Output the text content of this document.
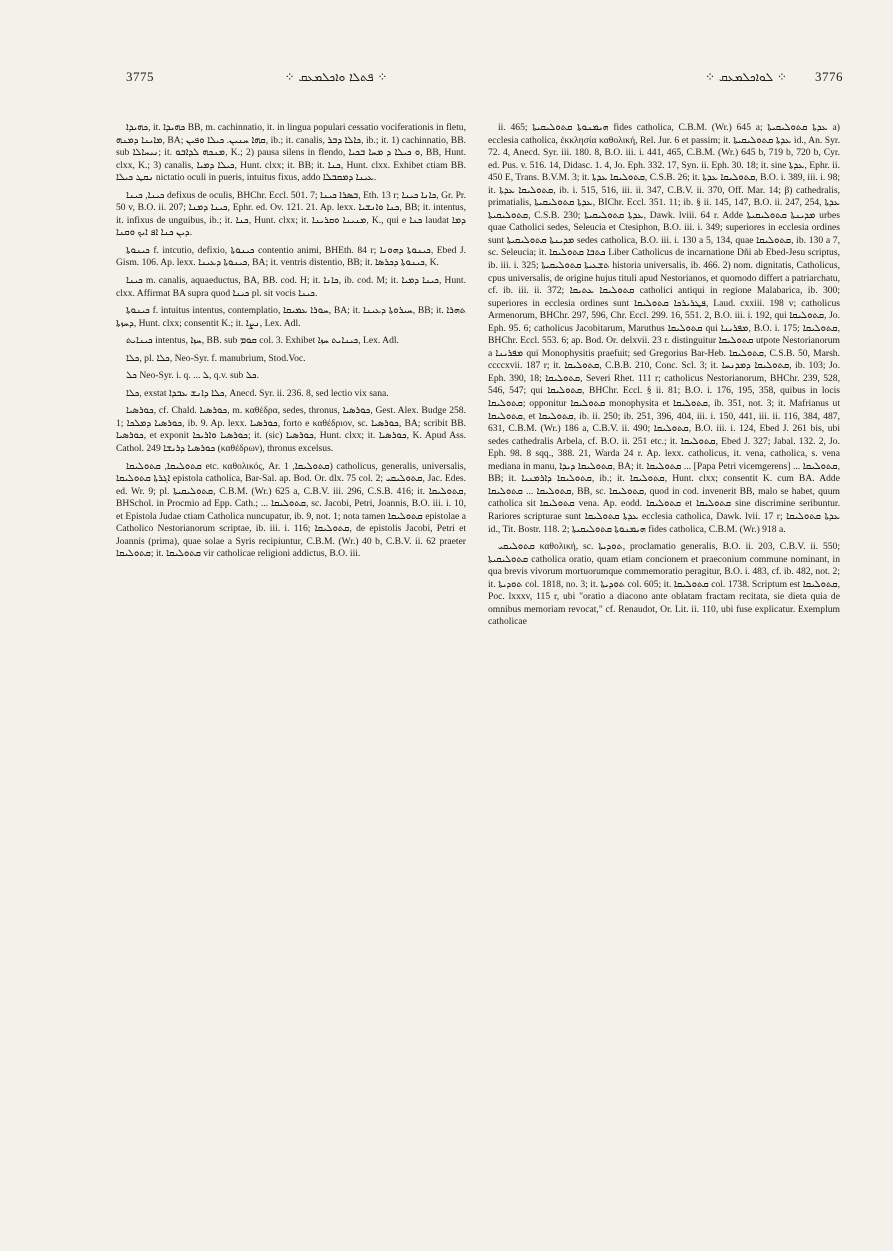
3775	⁘ ܦܬܠܐ ܘܐܟܠܡܥܩ ⁘	⁘ ܠܘܐܟܠܡܥܩ ⁘	3776

ܟܗܝܕܐ, it. ܟܗܝܕܐ BB, m. cachinnatio, it. in lingua populari cessatio vociferationis in fletu, ܡܐܝܢܐ ܕܡܢܗ, BA; ܩܗܐ ܚܢܝܢ. ܟܝܠܐ ܘܦܝܢ, ib.; it. canalis, ܟܐܠܐ ܕܒܪ, ib.; it. 1) cachinnatio, BB. sub ܢܝܚܐܠܐ; it. ܡܢܟܗ ܠܕܐܒܘ, K.; 2) pausa silens in flendo, ܘ ܟܝܠܐ ܕ ܡܚܐ ܒܟܝܐ, BB, Hunt. clxx, K.; 3) canalis, ܟܝܠܐ ܕܡܝܐ, Hunt. clxx; it. BB; it. ܟܢܐ, Hunt. clxx. Exhibet ctiam BB. ܢܩܛ ܟܝܠܐ nictatio oculi in pueris, intuitus fixus, addo ܥܝܢܐ ܕܡܩܒܠܐ.

ܟܝܢܐ, ܟܝܢܐ defixus de oculis, BHChr. Eccl. 501. 7; ܒܣܪܐ ܟܝܢܐ, Eth. 13 r; ܟܐܢܐ ܟܝܢܐ, Gr. Pr. 50 v, B.O. ii. 207; ܟܝܢܐ ܕܡܢܐ, Ephr. ed. Ov. 121. 21. Ap. lexx. ܟܢܐ ܘܐܢܫܝܐ, BB; it. intentus, it. infixus de unguibus, ib.; it. ܟܢܐ, Hunt. clxx; it. ܡܢܝܢܐ ܘܩܪܝܢܐ, K., qui e ܟܢܐ laudat ܕܡܐ ܕܝܢ ܟܢܐ ܐܦ ܐܝܟ ܘܩܢܐ.

ܟܝܢܘܬܐ f. intcutio, defixio, ܟܝܢܘܬܐ contentio animi, BHEth. 84 r; ܟܝܢܘܬܐ ܕܗܘܢܐ, Ebed J. Gism. 106. Ap. lexx. ܟܝܢܘܬܐ ܕܥܝܢܐ, BA; it. ventris distentio, BB; it. ܟܝܢܘܬܐ ܕܟܪܣܐ, K.

ܟܝܢܐ m. canalis, aquaeductus, BA, BB. cod. H; it. ܟܐܢܐ, ib. cod. M; it. ܟܝܢܐ ܕܡܝܐ, Hunt. clxx. Affirmat BA supra quod ܟܝܢܐ pl. sit vocis ܟܝܢܐ.

ܟܝܢܘܬܐ f. intuitus intentus, contemplatio, ܚܘܪܐ ܥܡܝܩܐ, BA; it. ܚܝܪܘܬܐ ܕܥܝܢܐ, BB; it. ܬܗܪܐ ܕܚܙܬܐ, Hunt. clxx; consentit K.; it. ܢܨܐ, Lex. Adl.

ܟܝܢܐܝܬ intentus, ܚܙܐ, BB. sub ܩܘܡ col. 3. Exhibet ܟܝܢܐܝܬ ܚܙܐ, Lex. Adl.

ܟܠܐ, pl. ܟܠܐ, Neo-Syr. f. manubrium, Stod.Voc.

ܟܠ Neo-Syr. i. q. ... ܠ, q.v. sub ܟܠ.

ܟܠܐ, exstat ܟܠܐ ܕܐܢܫ ܥܒܕܐ, Anecd. Syr. ii. 236. 8, sed lectio vix sana.

ܟܘܪܣܝܐ, cf. Chald. ܟܘܪܣܝܐ, m. καθέδρα, sedes, thronus, ܟܘܪܣܝܐ, Gest. Alex. Budge 258. 1; ܟܘܪܣܝܐ ܕܡܠܟܐ, ib. 9. Ap. lexx. ܟܘܪܣܝܐ, forto e καθέδριον, sc. ܟܘܪܣܝܐ, BA; scribit BB. ܟܘܪܣܝܐ, et exponit ܟܘܪܣܝܐ ܘܐܪܝܟܐ; it. (sic) ܟܘܪܣܝܐ, Hunt. clxx; it. ܟܘܪܣܝܐ, K. Apud Ass. Cathol. 249 ܟܘܪܣܝܐ ܕܪܝܫܐ (καθέδρων), thronus excelsus.

ܩܬܘܠܝܩܐ, ܩܬܘܠܝܩܐ etc. καθολικός, Ar. ܩܬܘܠܝܩܐ, 1) catholicus, generalis, universalis, ܐܓܪܬܐ ܩܬܘܠܝܩܐ epistola catholica, Bar-Sal. ap. Bod. Or. dlx. 75 col. 2; ܩܬܘܠܝܩܝ, Jac. Edes. ed. Wr. 9; pl. ܩܬܘܠܝܩܝܬܐ, C.B.M. (Wr.) 625 a, C.B.V. iii. 296, C.S.B. 416; it. ܩܬܘܠܝܩܐ, BHSchol. in Procmio ad Epp. Cath.; ... ܩܬܘܠܝܩܐ, sc. Jacobi, Petri, Joannis, B.O. iii. i. 10, et Epistola Judae ctiam Catholica nuncupatur, ib. 9, not. 1; nota tamen ܩܬܘܠܝܩܐ epistolae a Catholico Nestorianorum scriptae, ib. iii. i. 116; ܩܬܘܠܝܩܐ, de epistolis Jacobi, Petri et Joannis (prima), quae solae a Syris recipiuntur, C.B.M. (Wr.) 40 b, C.B.V. ii. 62 praeter ܩܬܘܠܝܩܐ; it. ܩܬܘܠܝܩܐ vir catholicae religioni addictus, B.O. iii.

ii. 465; ܗܝܡܢܘܬܐ ܩܬܘܠܝܩܝܬܐ fides catholica, C.B.M. (Wr.) 645 a; ܥܕܬܐ ܩܬܘܠܝܩܝܬܐ a) ecclesia catholica, ἐκκλησία καθολική, Rel. Jur. 6 et passim; it. ܥܕܬܐ ܩܬܘܠܝܩܝܬܐ id., An. Syr. 72. 4, Anecd. Syr. iii. 180. 8, B.O. iii. i. 441, 465, C.B.M. (Wr.) 645 b, 719 b, 720 b, Cyr. ed. Pus. v. 516. 14, Didasc. 1. 4, Jo. Eph. 332. 17, Syn. ii. Eph. 30. 18; it. sine ܥܕܬܐ, Ephr. ii. 450 E, Trans. B.V.M. 3; it. ܩܬܘܠܝܩܐ ܥܕܬܐ, C.S.B. 26; it. ܩܬܘܠܝܩܐ ܥܕܬܐ, B.O. i. 389, iii. i. 98; it. ܩܬܘܠܝܩܐ ܥܕܬܐ, ib. i. 515, 516, iii. ii. 347, C.B.V. ii. 370, Off. Mar. 14; β) cathedralis, primatialis, ܥܕܬܐ ܩܬܘܠܝܩܝܬܐ, BIChr. Eccl. 351. 11; ib. § ii. 145, 147, B.O. ii. 247, 254, ܥܕܬܐ ܩܬܘܠܝܩܝܬܐ, C.S.B. 230; ܥܕܬܐ ܩܬܘܠܝܩܝܬܐ, Dawk. lviii. 64 r. Adde ܡܕܝܢܬܐ ܩܬܘܠܝܩܝܬܐ urbes quae Catholici sedes, Seleucia et Ctesiphon, B.O. iii. i. 349; superiores in ecclesia ordines sunt ܡܕܝܢܬܐ ܩܬܘܠܝܩܝܬܐ sedes catholica, B.O. iii. i. 130 a 5, 134, quae ܩܬܘܠܝܩܐ, ib. 130 a 7, sc. Seleucia; it. ܟܬܒܐ ܩܬܘܠܝܩܐ Liber Catholicus de incarnatione Dñi ab Ebed-Jesu scriptus, ib. iii. i. 325; ܬܫܥܝܬܐ ܩܬܘܠܝܩܝܬܐ historia universalis, ib. 466. 2) nom. dignitatis, Catholicus, cpus universalis, de origine hujus tituli apud Nestorianos, et quomodo differt a patriarchatu, cf. ib. iii. ii. 372; ܩܬܘܠܝܩܐ ܥܬܝܩܐ catholici antiqui in regione Malabarica, ib. 300; superiores in ecclesia ordines sunt ܦܛܪܝܪܟܐ ܩܬܘܠܝܩܐ, Laud. cxxiii. 198 v; catholicus Armenorum, BHChr. 297, 596, Chr. Eccl. 299. 16, 551. 2, B.O. iii. i. 192, qui ܩܬܘܠܝܩܐ, Jo. Eph. 95. 6; catholicus Jacobitarum, Maruthus ܩܬܘܠܝܩܐ qui ܡܦܪܝܢܐ, B.O. i. 175; ܩܬܘܠܝܩܐ, BHChr. Eccl. 553. 6; ap. Bod. Or. delxvii. 23 r. distinguitur ܩܬܘܠܝܩܐ utpote Nestorianorum a ܡܦܪܝܢܐ qui Monophysitis praefuit; sed Gregorius Bar-Heb. ܩܬܘܠܝܩܐ, C.S.B. 50, Marsh. ccccxvii. 187 r; it. ܩܬܘܠܝܩܐ, C.B.B. 210, Conc. Scl. 3; it. ܩܬܘܠܝܩܐ ܕܡܕܢܚܐ, ib. 103; Jo. Eph. 390, 18; ܩܬܘܠܝܩܐ, Severi Rhet. 111 r; catholicus Nestorianorum, BHChr. 239, 528, 546, 547; qui ܩܬܘܠܝܩܐ, BHChr. Eccl. § ii. 81; B.O. i. 176, 195, 358, quibus in locis ܩܬܘܠܝܩܐ; opponitur ܩܬܘܠܝܩܐ monophysita et ܩܬܘܠܝܩܐ, ib. 351, not. 3; it. Mafrianus ut ܩܬܘܠܝܩܐ, et ܩܬܘܠܝܩܐ, ib. ii. 250; ib. 251, 396, 404, iii. i. 150, 441, iii. ii. 116, 384, 487, 631, C.B.M. (Wr.) 186 a, C.B.V. ii. 490; ܩܬܘܠܝܩܐ, B.O. iii. i. 124, Ebed J. 261 bis, ubi sedes cathedralis Arbela, cf. B.O. ii. 251 etc.; it. ܩܬܘܠܝܩܐ, Ebed J. 327; Jabal. 132. 2, Jo. Eph. 98. 8 sqq., 388. 21, Warda 24 r. Ap. lexx. catholicus, it. vena, catholica, s. vena mediana in manu, ܩܬܘܠܝܩܐ ܕܝܕܐ, BA; it. ܩܬܘܠܝܩܐ ... [Papa Petri vicemgerens] ... ܩܬܘܠܝܩܐ, BB; it. ܩܬܘܠܝܩܐ ܕܐܪܡܢܝܐ, ib.; it. ܩܬܘܠܝܩܐ, Hunt. clxx; consentit K. cum BA. Adde ܩܬܘܠܝܩܐ ... ܩܬܘܠܝܩܐ, BB, sc. ܩܬܘܠܝܩܐ, quod in cod. invenerit BB, malo se habet, quum catholica sit ܩܬܘܠܝܩܐ vena. Ap. eodd. ܩܬܘܠܝܩܐ et ܩܬܘܠܝܩܐ sine discrimine seribuntur. Rariores scripturae sunt ܥܕܬܐ ܩܬܘܠܝܩܐ ecclesia catholica, Dawk. lvii. 17 r; ܥܕܬܐ ܩܬܘܠܝܩܐ id., Tit. Bostr. 118. 2; ܗܝܡܢܘܬܐ ܩܬܘܠܝܩܝܬܐ fides catholica, C.B.M. (Wr.) 918 a.

ܩܬܘܠܝܩܝ καθολική, sc. ܬܘܕܝܬܐ, proclamatio generalis, B.O. ii. 203, C.B.V. ii. 550; ܩܬܘܠܝܩܝܬܐ catholica oratio, quam etiam concionem et praeconium commune nominant, in qua brevis vivorum mortuorumque commemoratio peragitur, B.O. i. 483, cf. ib. 482, not. 2; it. ܬܘܕܝܬܐ col. 1818, no. 3; it. ܬܘܕܝܬܐ col. 605; it. ܩܬܘܠܝܩܐ col. 1738. Scriptum est ܩܬܘܠܝܩܐ, Poc. lxxxv, 115 r, ubi "oratio a diacono ante oblatam fractam recitata, sie dieta quia de omnibus memoriam revocat," cf. Renaudot, Or. Lit. ii. 110, ubi fuse explicatur. Exemplum catholicae
